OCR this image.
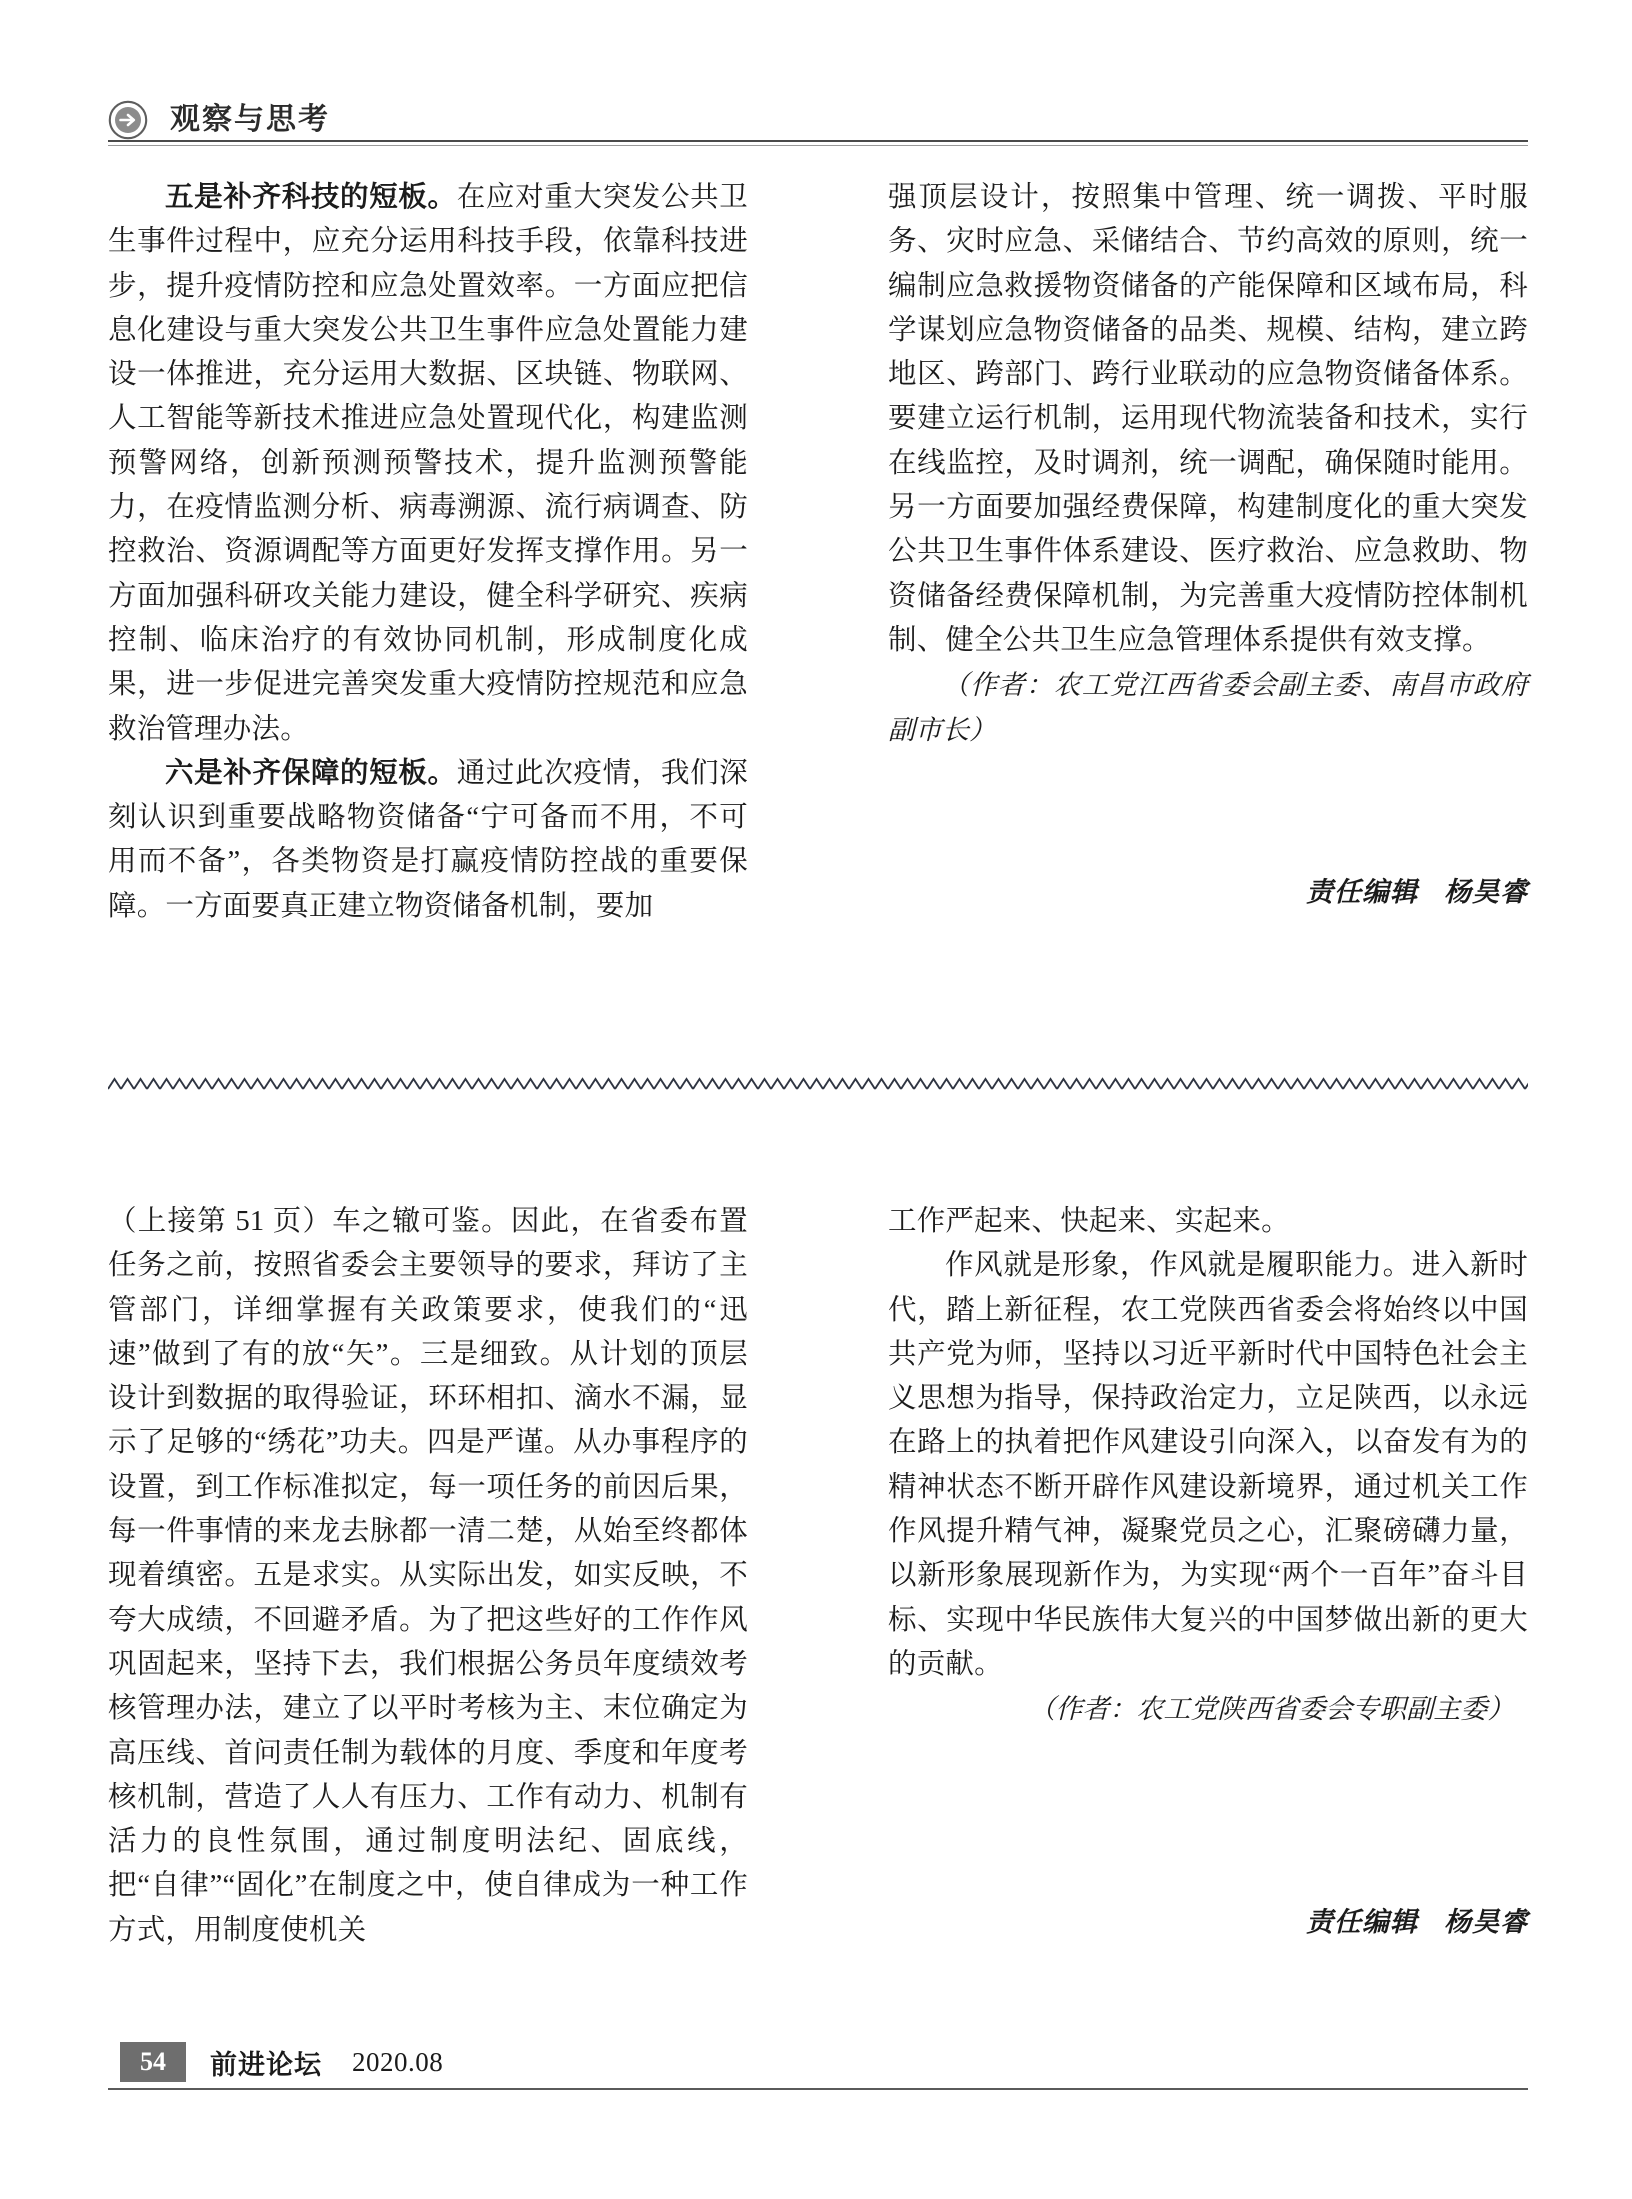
观察与思考

五是补齐科技的短板。在应对重大突发公共卫生事件过程中，应充分运用科技手段，依靠科技进步，提升疫情防控和应急处置效率。一方面应把信息化建设与重大突发公共卫生事件应急处置能力建设一体推进，充分运用大数据、区块链、物联网、人工智能等新技术推进应急处置现代化，构建监测预警网络，创新预测预警技术，提升监测预警能力，在疫情监测分析、病毒溯源、流行病调查、防控救治、资源调配等方面更好发挥支撑作用。另一方面加强科研攻关能力建设，健全科学研究、疾病控制、临床治疗的有效协同机制，形成制度化成果，进一步促进完善突发重大疫情防控规范和应急救治管理办法。

六是补齐保障的短板。通过此次疫情，我们深刻认识到重要战略物资储备“宁可备而不用，不可用而不备”，各类物资是打赢疫情防控战的重要保障。一方面要真正建立物资储备机制，要加

强顶层设计，按照集中管理、统一调拨、平时服务、灾时应急、采储结合、节约高效的原则，统一编制应急救援物资储备的产能保障和区域布局，科学谋划应急物资储备的品类、规模、结构，建立跨地区、跨部门、跨行业联动的应急物资储备体系。要建立运行机制，运用现代物流装备和技术，实行在线监控，及时调剂，统一调配，确保随时能用。另一方面要加强经费保障，构建制度化的重大突发公共卫生事件体系建设、医疗救治、应急救助、物资储备经费保障机制，为完善重大疫情防控体制机制、健全公共卫生应急管理体系提供有效支撑。

（作者：农工党江西省委会副主委、南昌市政府副市长）

责任编辑 杨昊睿

（上接第 51 页）车之辙可鉴。因此，在省委布置任务之前，按照省委会主要领导的要求，拜访了主管部门，详细掌握有关政策要求，使我们的“迅速”做到了有的放“矢”。三是细致。从计划的顶层设计到数据的取得验证，环环相扣、滴水不漏，显示了足够的“绣花”功夫。四是严谨。从办事程序的设置，到工作标准拟定，每一项任务的前因后果，每一件事情的来龙去脉都一清二楚，从始至终都体现着缜密。五是求实。从实际出发，如实反映，不夸大成绩，不回避矛盾。为了把这些好的工作作风巩固起来，坚持下去，我们根据公务员年度绩效考核管理办法，建立了以平时考核为主、末位确定为高压线、首问责任制为载体的月度、季度和年度考核机制，营造了人人有压力、工作有动力、机制有活力的良性氛围，通过制度明法纪、固底线，把“自律”“固化”在制度之中，使自律成为一种工作方式，用制度使机关

工作严起来、快起来、实起来。

作风就是形象，作风就是履职能力。进入新时代，踏上新征程，农工党陕西省委会将始终以中国共产党为师，坚持以习近平新时代中国特色社会主义思想为指导，保持政治定力，立足陕西，以永远在路上的执着把作风建设引向深入，以奋发有为的精神状态不断开辟作风建设新境界，通过机关工作作风提升精气神，凝聚党员之心，汇聚磅礴力量，以新形象展现新作为，为实现“两个一百年”奋斗目标、实现中华民族伟大复兴的中国梦做出新的更大的贡献。

（作者：农工党陕西省委会专职副主委）

责任编辑 杨昊睿
54	前进论坛 2020.08
